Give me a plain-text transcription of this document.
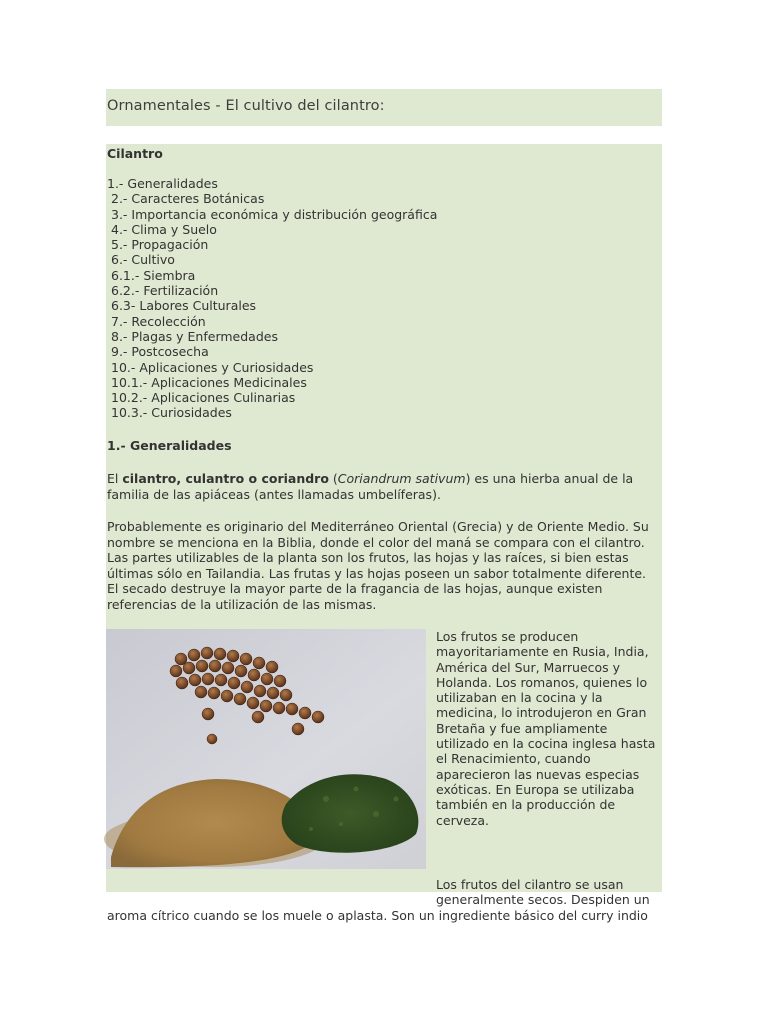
Ornamentales - El cultivo del cilantro:
Cilantro
1.- Generalidades
2.- Caracteres Botánicas
3.- Importancia económica y distribución geográfica
4.- Clima y Suelo
5.- Propagación
6.- Cultivo
6.1.- Siembra
6.2.- Fertilización
6.3- Labores Culturales
7.- Recolección
8.- Plagas y Enfermedades
9.- Postcosecha
10.- Aplicaciones y Curiosidades
10.1.- Aplicaciones Medicinales
10.2.- Aplicaciones Culinarias
10.3.- Curiosidades
1.- Generalidades
El cilantro, culantro o coriandro (Coriandrum sativum) es una hierba anual de la familia de las apiáceas (antes llamadas umbelíferas).
Probablemente es originario del Mediterráneo Oriental (Grecia) y de Oriente Medio. Su nombre se menciona en la Biblia, donde el color del maná se compara con el cilantro. Las partes utilizables de la planta son los frutos, las hojas y las raíces, si bien estas últimas sólo en Tailandia. Las frutas y las hojas poseen un sabor totalmente diferente. El secado destruye la mayor parte de la fragancia de las hojas, aunque existen referencias de la utilización de las mismas.
Los frutos se producen mayoritariamente en Rusia, India, América del Sur, Marruecos y Holanda. Los romanos, quienes lo utilizaban en la cocina y la medicina, lo introdujeron en Gran Bretaña y fue ampliamente utilizado en la cocina inglesa hasta el Renacimiento, cuando aparecieron las nuevas especias exóticas. En Europa se utilizaba también en la producción de cerveza.
Los frutos del cilantro se usan
generalmente secos. Despiden un
aroma cítrico cuando se los muele o aplasta. Son un ingrediente básico del curry indio
